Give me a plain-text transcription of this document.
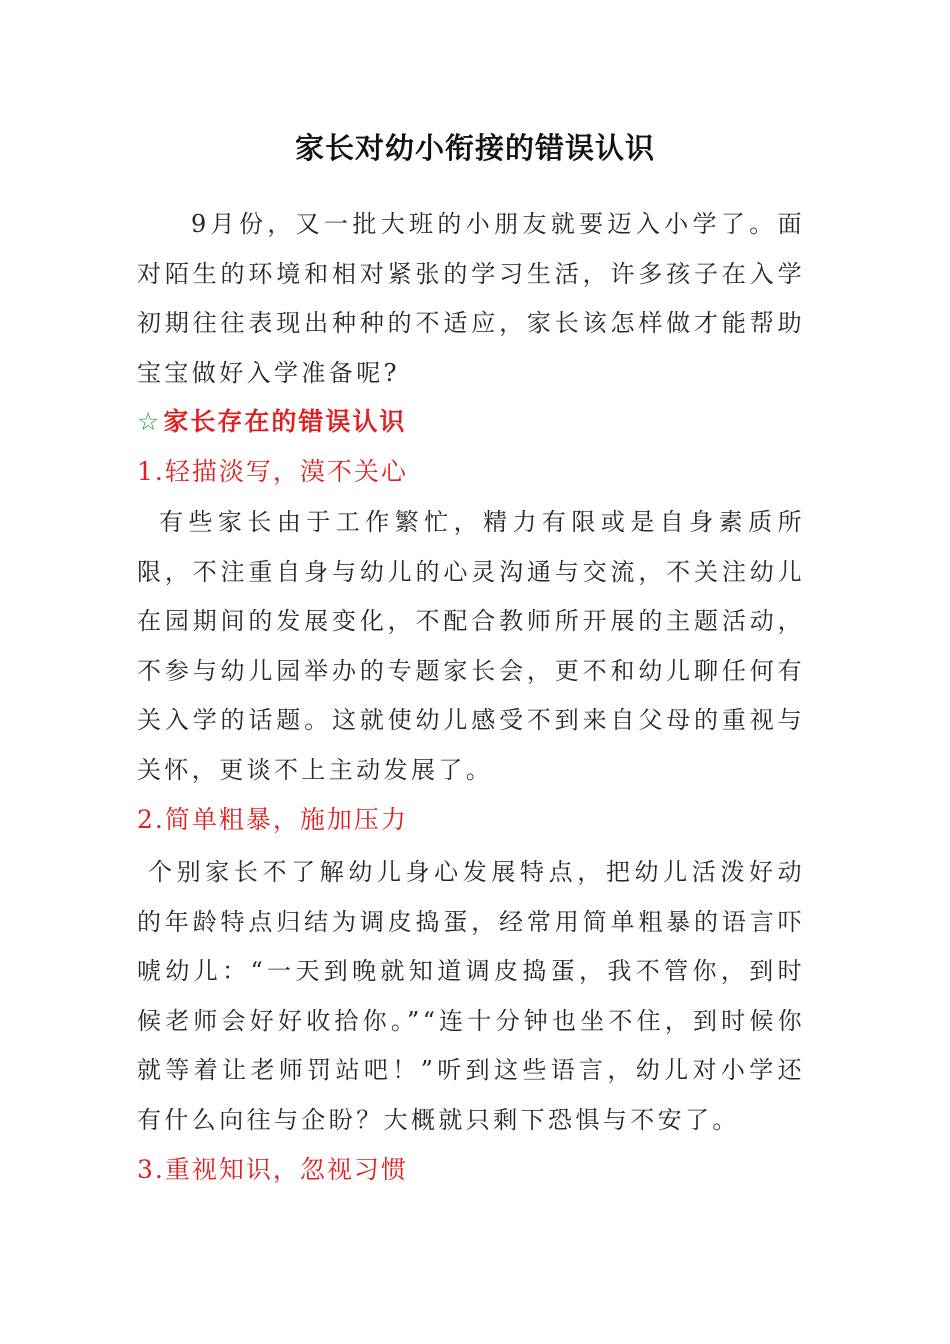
家长对幼小衔接的错误认识
9月份，又一批大班的小朋友就要迈入小学了。面对陌生的环境和相对紧张的学习生活，许多孩子在入学初期往往表现出种种的不适应，家长该怎样做才能帮助宝宝做好入学准备呢?
☆家长存在的错误认识
1.轻描淡写，漠不关心
有些家长由于工作繁忙，精力有限或是自身素质所限，不注重自身与幼儿的心灵沟通与交流，不关注幼儿在园期间的发展变化，不配合教师所开展的主题活动，不参与幼儿园举办的专题家长会，更不和幼儿聊任何有关入学的话题。这就使幼儿感受不到来自父母的重视与关怀，更谈不上主动发展了。
2.简单粗暴，施加压力
个别家长不了解幼儿身心发展特点，把幼儿活泼好动的年龄特点归结为调皮捣蛋，经常用简单粗暴的语言吓唬幼儿：“一天到晚就知道调皮捣蛋，我不管你，到时候老师会好好收拾你。”“连十分钟也坐不住，到时候你就等着让老师罚站吧！”听到这些语言，幼儿对小学还有什么向往与企盼？大概就只剩下恐惧与不安了。
3.重视知识，忽视习惯
